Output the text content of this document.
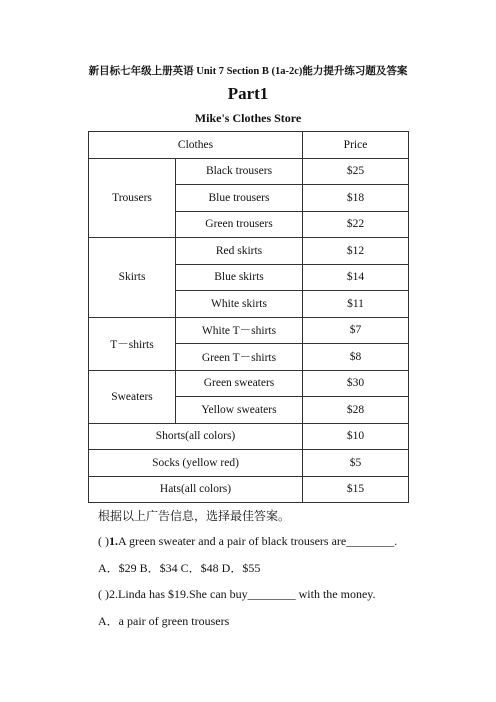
新目标七年级上册英语 Unit 7 Section B (1a-2c)能力提升练习题及答案
Part1
Mike's Clothes Store
Clothes		Price
Trousers	Black trousers	$25
	Blue trousers	$18
	Green trousers	$22
Skirts	Red skirts	$12
	Blue skirts	$14
	White skirts	$11
T－shirts	White T－shirts	$7
	Green T－shirts	$8
Sweaters	Green sweaters	$30
	Yellow sweaters	$28
Shorts(all colors)		$10
Socks (yellow red)		$5
Hats(all colors)		$15
根据以上广告信息，选择最佳答案。
( )1.A green sweater and a pair of black trousers are________.
A．$29 B．$34 C．$48 D．$55
( )2.Linda has $19.She can buy________ with the money.
A．a pair of green trousers
